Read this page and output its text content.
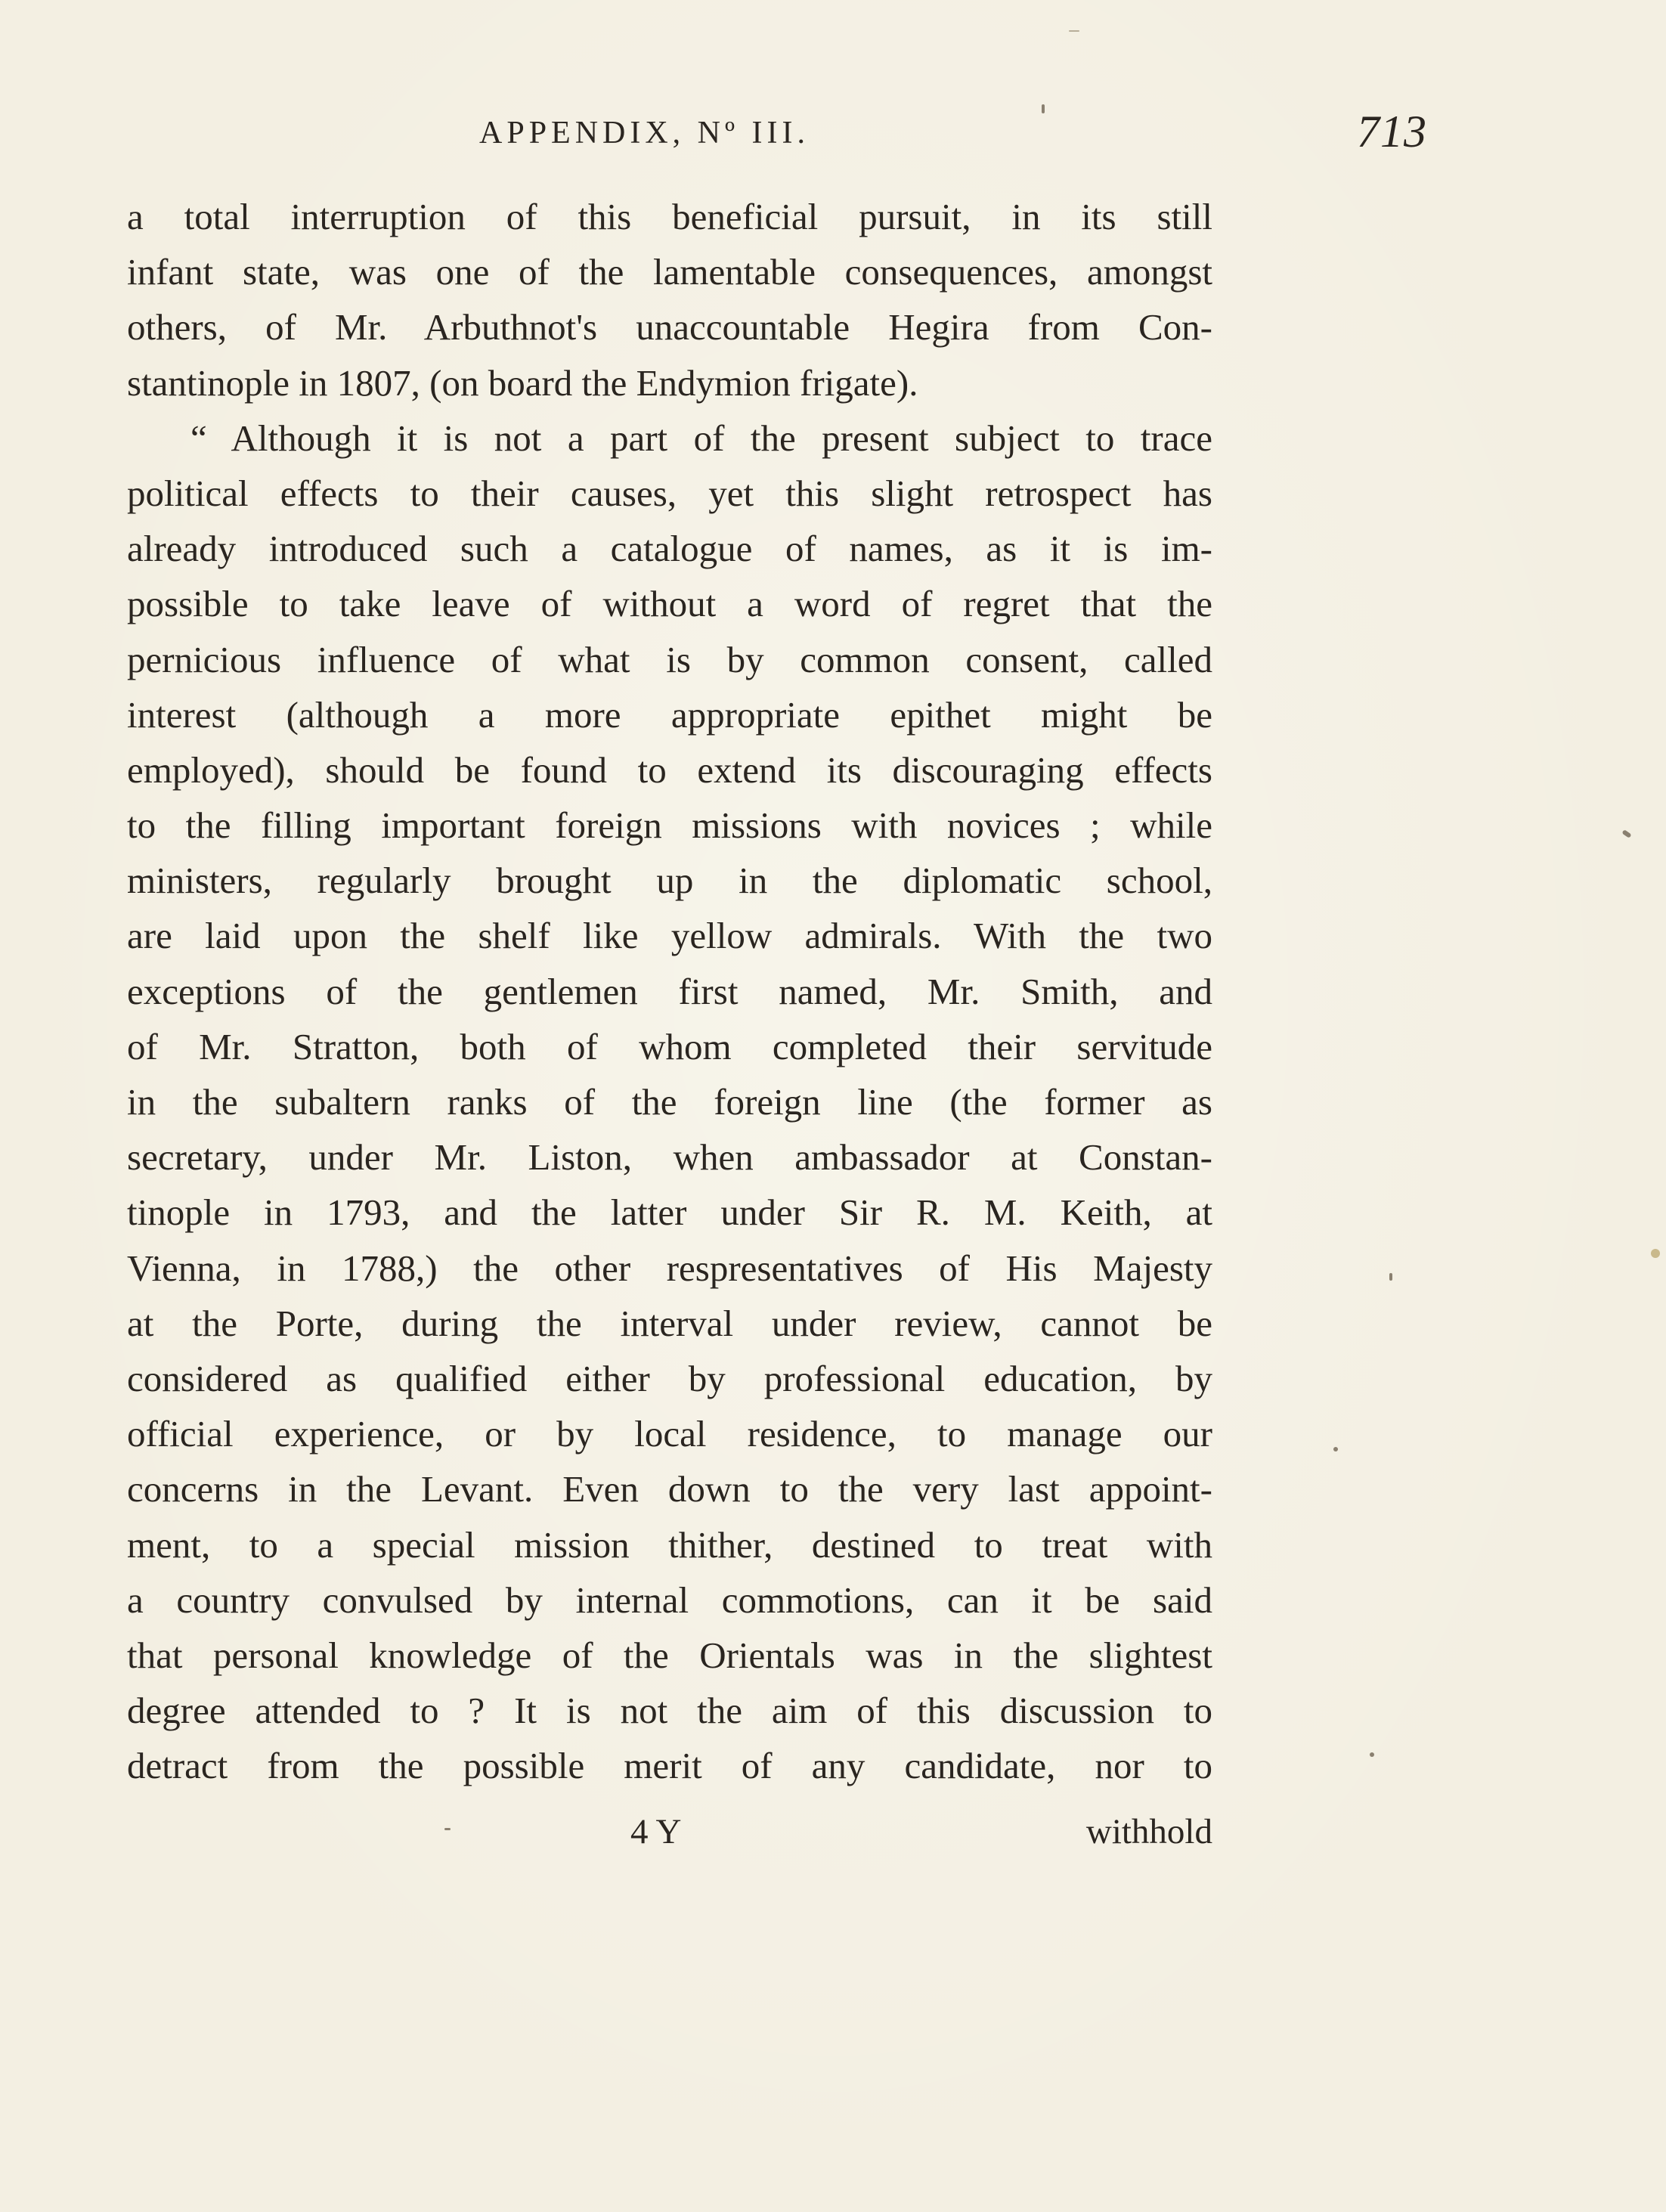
APPENDIX, Nº III.	713
a total interruption of this beneficial pursuit, in its still
infant state, was one of the lamentable consequences, amongst
others, of Mr. Arbuthnot's unaccountable Hegira from Con-
stantinople in 1807, (on board the Endymion frigate).
“ Although it is not a part of the present subject to trace
political effects to their causes, yet this slight retrospect has
already introduced such a catalogue of names, as it is im-
possible to take leave of without a word of regret that the
pernicious influence of what is by common consent, called
interest (although a more appropriate epithet might be
employed), should be found to extend its discouraging effects
to the filling important foreign missions with novices ; while
ministers, regularly brought up in the diplomatic school,
are laid upon the shelf like yellow admirals. With the two
exceptions of the gentlemen first named, Mr. Smith, and
of Mr. Stratton, both of whom completed their servitude
in the subaltern ranks of the foreign line (the former as
secretary, under Mr. Liston, when ambassador at Constan-
tinople in 1793, and the latter under Sir R. M. Keith, at
Vienna, in 1788,) the other respresentatives of His Majesty
at the Porte, during the interval under review, cannot be
considered as qualified either by professional education, by
official experience, or by local residence, to manage our
concerns in the Levant. Even down to the very last appoint-
ment, to a special mission thither, destined to treat with
a country convulsed by internal commotions, can it be said
that personal knowledge of the Orientals was in the slightest
degree attended to ? It is not the aim of this discussion to
detract from the possible merit of any candidate, nor to
4 Y	withhold
